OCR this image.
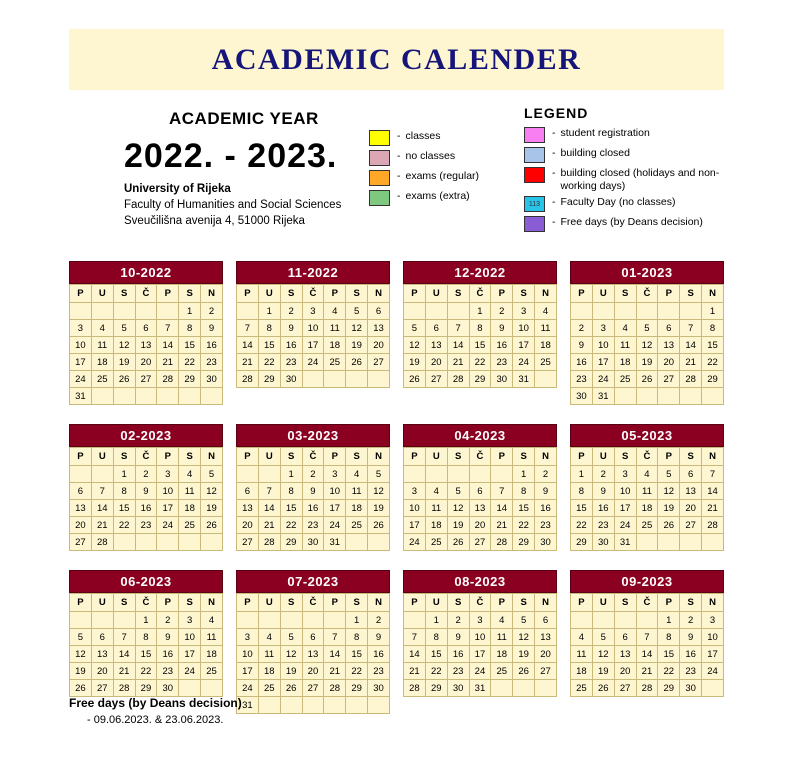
ACADEMIC CALENDER
ACADEMIC YEAR
2022. - 2023.
University of Rijeka
Faculty of Humanities and Social Sciences
Sveučilišna avenija 4, 51000 Rijeka
- classes
- no classes
- exams (regular)
- exams (extra)
LEGEND
- student registration
- building closed
- building closed (holidays and non-working days)
113	- Faculty Day (no classes)
- Free days (by Deans decision)
10-2022
P	U	S	Č	P	S	N
					1	2
3	4	5	6	7	8	9
10	11	12	13	14	15	16
17	18	19	20	21	22	23
24	25	26	27	28	29	30
31						
11-2022
P	U	S	Č	P	S	N
	1	2	3	4	5	6
7	8	9	10	11	12	13
14	15	16	17	18	19	20
21	22	23	24	25	26	27
28	29	30				
12-2022
P	U	S	Č	P	S	N
			1	2	3	4
5	6	7	8	9	10	11
12	13	14	15	16	17	18
19	20	21	22	23	24	25
26	27	28	29	30	31	
01-2023
P	U	S	Č	P	S	N
						1
2	3	4	5	6	7	8
9	10	11	12	13	14	15
16	17	18	19	20	21	22
23	24	25	26	27	28	29
30	31					
02-2023
P	U	S	Č	P	S	N
		1	2	3	4	5
6	7	8	9	10	11	12
13	14	15	16	17	18	19
20	21	22	23	24	25	26
27	28					
03-2023
P	U	S	Č	P	S	N
		1	2	3	4	5
6	7	8	9	10	11	12
13	14	15	16	17	18	19
20	21	22	23	24	25	26
27	28	29	30	31		
04-2023
P	U	S	Č	P	S	N
					1	2
3	4	5	6	7	8	9
10	11	12	13	14	15	16
17	18	19	20	21	22	23
24	25	26	27	28	29	30
05-2023
P	U	S	Č	P	S	N
1	2	3	4	5	6	7
8	9	10	11	12	13	14
15	16	17	18	19	20	21
22	23	24	25	26	27	28
29	30	31				
06-2023
P	U	S	Č	P	S	N
			1	2	3	4
5	6	7	8	9	10	11
12	13	14	15	16	17	18
19	20	21	22	23	24	25
26	27	28	29	30		
07-2023
P	U	S	Č	P	S	N
					1	2
3	4	5	6	7	8	9
10	11	12	13	14	15	16
17	18	19	20	21	22	23
24	25	26	27	28	29	30
31						
08-2023
P	U	S	Č	P	S	N
	1	2	3	4	5	6
7	8	9	10	11	12	13
14	15	16	17	18	19	20
21	22	23	24	25	26	27
28	29	30	31			
09-2023
P	U	S	Č	P	S	N
				1	2	3
4	5	6	7	8	9	10
11	12	13	14	15	16	17
18	19	20	21	22	23	24
25	26	27	28	29	30	
Free days (by Deans decision)
- 09.06.2023. & 23.06.2023.
